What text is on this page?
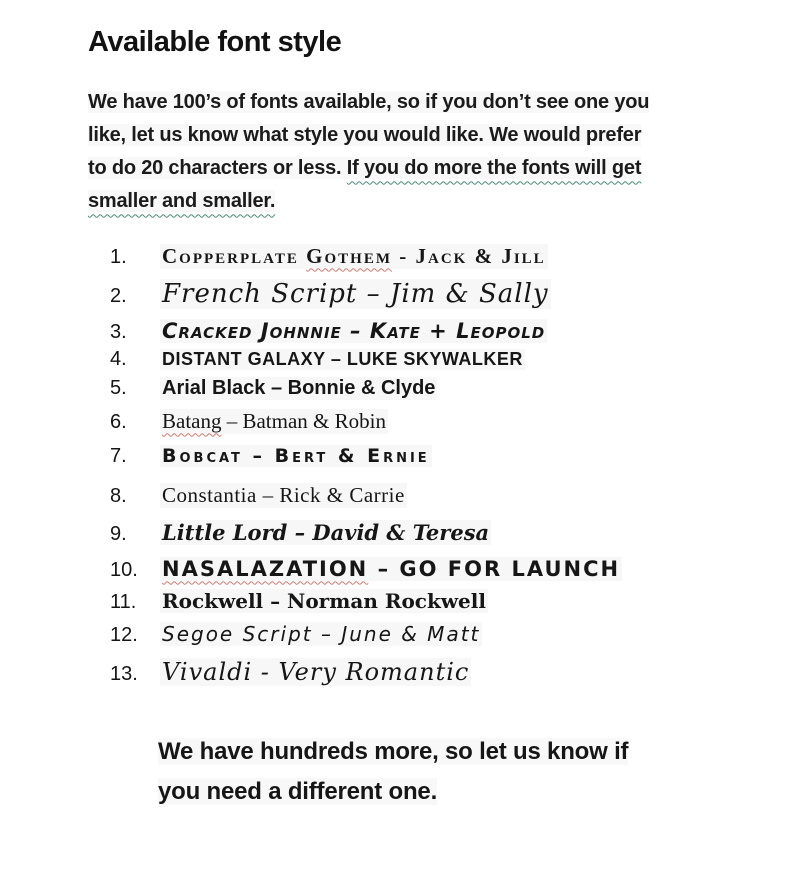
Available font style
We have 100’s of fonts available, so if you don’t see one you
like, let us know what style you would like. We would prefer
to do 20 characters or less. If you do more the fonts will get
smaller and smaller.
1.	Copperplate Gothem - Jack & Jill
2.	French Script – Jim & Sally
3.	Cracked Johnnie – Kate + Leopold
4.	DISTANT GALAXY – LUKE SKYWALKER
5.	Arial Black – Bonnie & Clyde
6.	Batang – Batman & Robin
7.	Bobcat – Bert & Ernie
8.	Constantia – Rick & Carrie
9.	Little Lord – David & Teresa
10.	NASALAZATION – GO FOR LAUNCH
11.	Rockwell – Norman Rockwell
12.	Segoe Script – June & Matt
13.	Vivaldi - Very Romantic
We have hundreds more, so let us know if
you need a different one.
